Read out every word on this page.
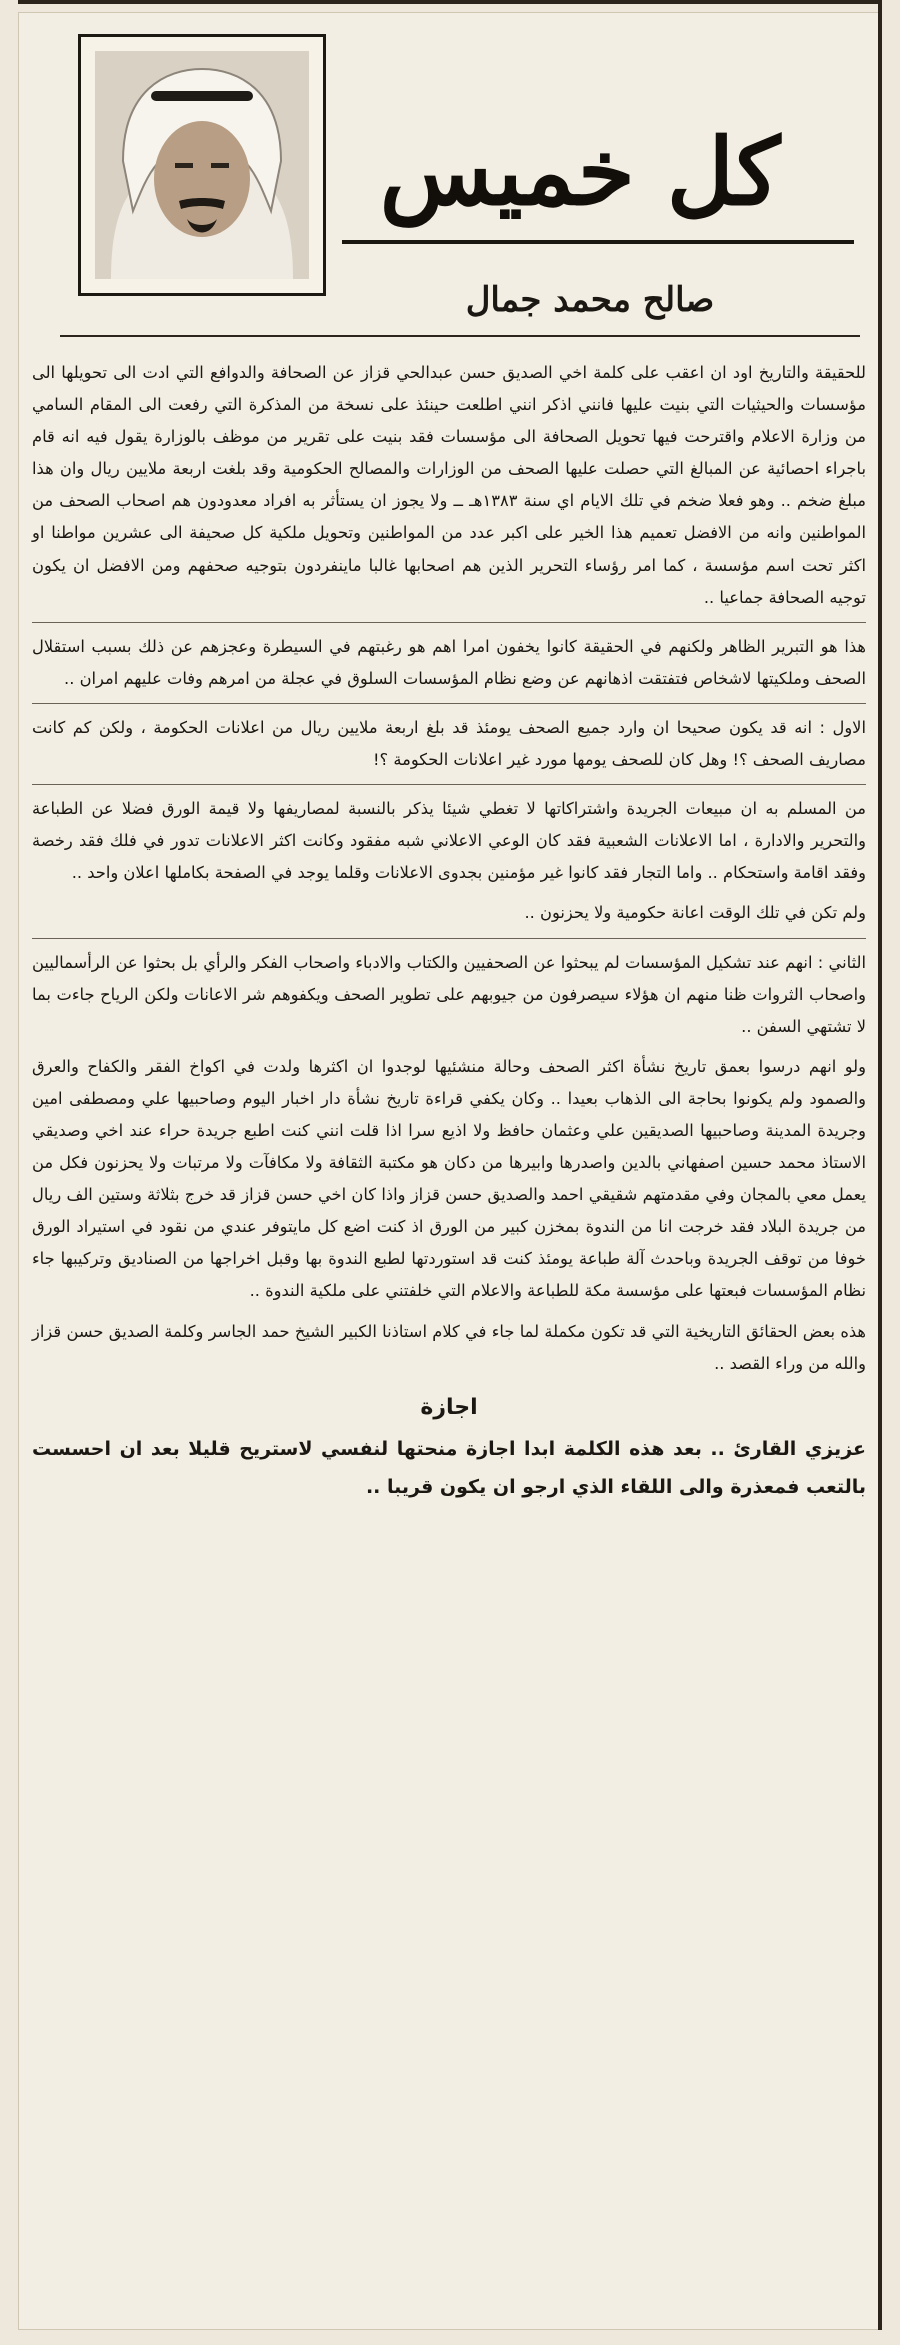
كل خميس
صالح محمد جمال

للحقيقة والتاريخ اود ان اعقب على كلمة اخي الصديق حسن عبدالحي قزاز عن الصحافة والدوافع التي ادت الى تحويلها الى مؤسسات والحيثيات التي بنيت عليها فانني اذكر انني اطلعت حينئذ على نسخة من المذكرة التي رفعت الى المقام السامي من وزارة الاعلام واقترحت فيها تحويل الصحافة الى مؤسسات فقد بنيت على تقرير من موظف بالوزارة يقول فيه انه قام باجراء احصائية عن المبالغ التي حصلت عليها الصحف من الوزارات والمصالح الحكومية وقد بلغت اربعة ملايين ريال وان هذا مبلغ ضخم .. وهو فعلا ضخم في تلك الايام اي سنة ١٣٨٣هـ ــ ولا يجوز ان يستأثر به افراد معدودون هم اصحاب الصحف من المواطنين وانه من الافضل تعميم هذا الخير على اكبر عدد من المواطنين وتحويل ملكية كل صحيفة الى عشرين مواطنا او اكثر تحت اسم مؤسسة ، كما امر رؤساء التحرير الذين هم اصحابها غالبا ماينفردون بتوجيه صحفهم ومن الافضل ان يكون توجيه الصحافة جماعيا ..

هذا هو التبرير الظاهر ولكنهم في الحقيقة كانوا يخفون امرا اهم هو رغبتهم في السيطرة وعجزهم عن ذلك بسبب استقلال الصحف وملكيتها لاشخاص فتفتقت اذهانهم عن وضع نظام المؤسسات السلوق في عجلة من امرهم وفات عليهم امران ..

الاول : انه قد يكون صحيحا ان وارد جميع الصحف يومئذ قد بلغ اربعة ملايين ريال من اعلانات الحكومة ، ولكن كم كانت مصاريف الصحف ؟! وهل كان للصحف يومها مورد غير اعلانات الحكومة ؟!

من المسلم به ان مبيعات الجريدة واشتراكاتها لا تغطي شيئا يذكر بالنسبة لمصاريفها ولا قيمة الورق فضلا عن الطباعة والتحرير والادارة ، اما الاعلانات الشعبية فقد كان الوعي الاعلاني شبه مفقود وكانت اكثر الاعلانات تدور في فلك فقد رخصة وفقد اقامة واستحكام .. واما التجار فقد كانوا غير مؤمنين بجدوى الاعلانات وقلما يوجد في الصفحة بكاملها اعلان واحد ..

ولم تكن في تلك الوقت اعانة حكومية ولا يحزنون ..

الثاني : انهم عند تشكيل المؤسسات لم يبحثوا عن الصحفيين والكتاب والادباء واصحاب الفكر والرأي بل بحثوا عن الرأسماليين واصحاب الثروات ظنا منهم ان هؤلاء سيصرفون من جيوبهم على تطوير الصحف ويكفوهم شر الاعانات ولكن الرياح جاءت بما لا تشتهي السفن ..

ولو انهم درسوا بعمق تاريخ نشأة اكثر الصحف وحالة منشئيها لوجدوا ان اكثرها ولدت في اكواخ الفقر والكفاح والعرق والصمود ولم يكونوا بحاجة الى الذهاب بعيدا .. وكان يكفي قراءة تاريخ نشأة دار اخبار اليوم وصاحبيها علي ومصطفى امين وجريدة المدينة وصاحبيها الصديقين علي وعثمان حافظ ولا اذيع سرا اذا قلت انني كنت اطبع جريدة حراء عند اخي وصديقي الاستاذ محمد حسين اصفهاني بالدين واصدرها وابيرها من دكان هو مكتبة الثقافة ولا مكافآت ولا مرتبات ولا يحزنون فكل من يعمل معي بالمجان وفي مقدمتهم شقيقي احمد والصديق حسن قزاز واذا كان اخي حسن قزاز قد خرج بثلاثة وستين الف ريال من جريدة البلاد فقد خرجت انا من الندوة بمخزن كبير من الورق اذ كنت اضع كل مايتوفر عندي من نقود في استيراد الورق خوفا من توقف الجريدة وباحدث آلة طباعة يومئذ كنت قد استوردتها لطبع الندوة بها وقبل اخراجها من الصناديق وتركيبها جاء نظام المؤسسات فبعتها على مؤسسة مكة للطباعة والاعلام التي خلفتني على ملكية الندوة ..

هذه بعض الحقائق التاريخية التي قد تكون مكملة لما جاء في كلام استاذنا الكبير الشيخ حمد الجاسر وكلمة الصديق حسن قزاز والله من وراء القصد ..

اجازة

عزيزي القارئ .. بعد هذه الكلمة ابدا اجازة منحتها لنفسي لاستريح قليلا بعد ان احسست بالتعب فمعذرة والى اللقاء الذي ارجو ان يكون قريبا ..
